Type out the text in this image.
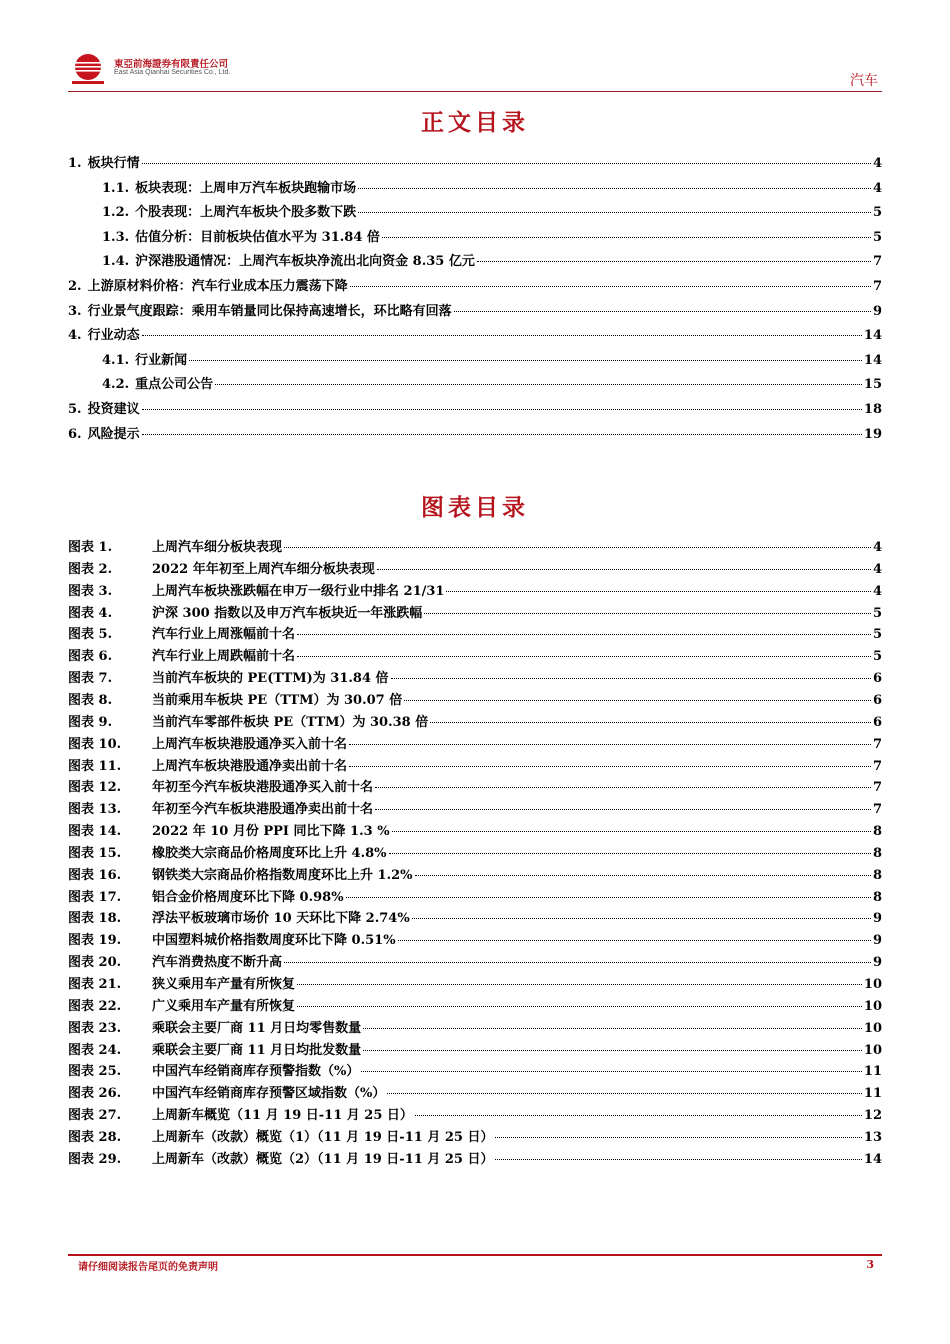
東亞前海證券有限責任公司
East Asia Qianhai Securities Co., Ltd.
汽车
正文目录
1. 板块行情	4
1.1. 板块表现：上周申万汽车板块跑输市场	4
1.2. 个股表现：上周汽车板块个股多数下跌	5
1.3. 估值分析：目前板块估值水平为 31.84 倍	5
1.4. 沪深港股通情况：上周汽车板块净流出北向资金 8.35 亿元	7
2. 上游原材料价格：汽车行业成本压力震荡下降	7
3. 行业景气度跟踪：乘用车销量同比保持高速增长，环比略有回落	9
4. 行业动态	14
4.1. 行业新闻	14
4.2. 重点公司公告	15
5. 投资建议	18
6. 风险提示	19
图表目录
图表 1.	上周汽车细分板块表现	4
图表 2.	2022 年年初至上周汽车细分板块表现	4
图表 3.	上周汽车板块涨跌幅在申万一级行业中排名 21/31	4
图表 4.	沪深 300 指数以及申万汽车板块近一年涨跌幅	5
图表 5.	汽车行业上周涨幅前十名	5
图表 6.	汽车行业上周跌幅前十名	5
图表 7.	当前汽车板块的 PE(TTM)为 31.84 倍	6
图表 8.	当前乘用车板块 PE（TTM）为 30.07 倍	6
图表 9.	当前汽车零部件板块 PE（TTM）为 30.38 倍	6
图表 10.	上周汽车板块港股通净买入前十名	7
图表 11.	上周汽车板块港股通净卖出前十名	7
图表 12.	年初至今汽车板块港股通净买入前十名	7
图表 13.	年初至今汽车板块港股通净卖出前十名	7
图表 14.	2022 年 10 月份 PPI 同比下降 1.3 %	8
图表 15.	橡胶类大宗商品价格周度环比上升 4.8%	8
图表 16.	钢铁类大宗商品价格指数周度环比上升 1.2%	8
图表 17.	铝合金价格周度环比下降 0.98%	8
图表 18.	浮法平板玻璃市场价 10 天环比下降 2.74%	9
图表 19.	中国塑料城价格指数周度环比下降 0.51%	9
图表 20.	汽车消费热度不断升高	9
图表 21.	狭义乘用车产量有所恢复	10
图表 22.	广义乘用车产量有所恢复	10
图表 23.	乘联会主要厂商 11 月日均零售数量	10
图表 24.	乘联会主要厂商 11 月日均批发数量	10
图表 25.	中国汽车经销商库存预警指数（%）	11
图表 26.	中国汽车经销商库存预警区域指数（%）	11
图表 27.	上周新车概览（11 月 19 日-11 月 25 日）	12
图表 28.	上周新车（改款）概览（1）（11 月 19 日-11 月 25 日）	13
图表 29.	上周新车（改款）概览（2）（11 月 19 日-11 月 25 日）	14
请仔细阅读报告尾页的免责声明	3
